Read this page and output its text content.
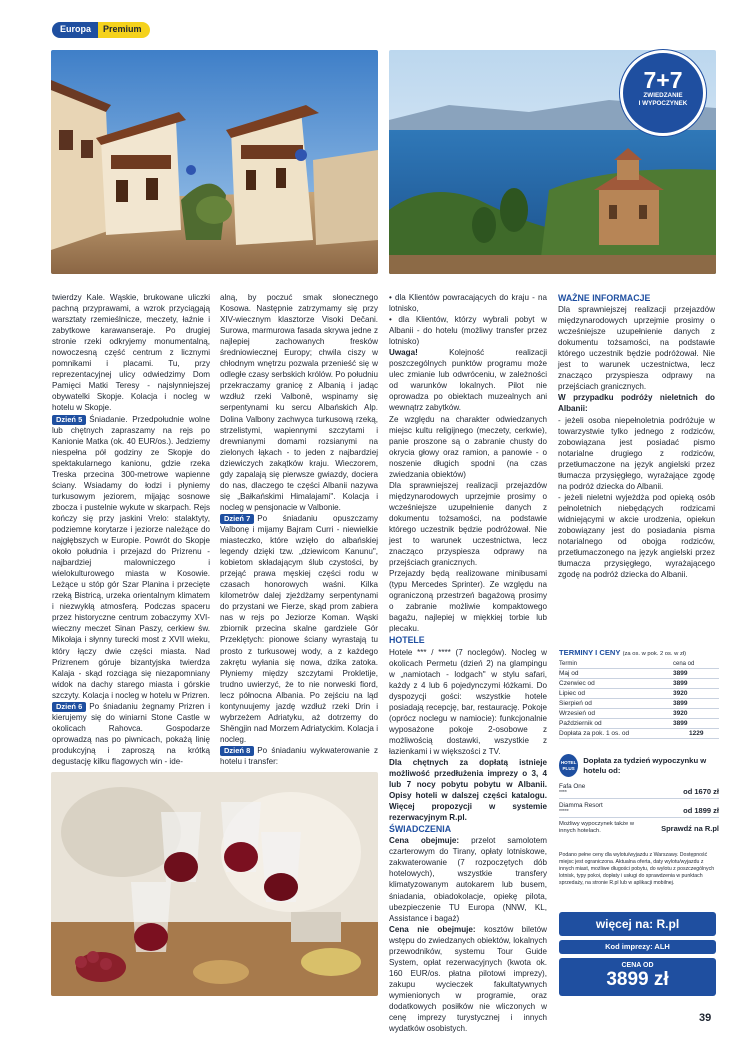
Europa	Premium
7+7
ZWIEDZANIE
I WYPOCZYNEK

twierdzy Kale. Wąskie, brukowane uliczki pachną przyprawami, a wzrok przyciągają warsztaty rzemieślnicze, meczety, łaźnie i zabytkowe karawanseraje. Po drugiej stronie rzeki odkryjemy monumentalną, nowoczesną część centrum z licznymi pomnikami i placami. Tu, przy reprezentacyjnej ulicy odwiedzimy Dom Pamięci Matki Teresy - najsłynniejszej obywatelki Skopje. Kolacja i nocleg w hotelu w Skopje.

Dzień 5 Śniadanie. Przedpołudnie wolne lub chętnych zapraszamy na rejs po Kanionie Matka (ok. 40 EUR/os.). Jedziemy niespełna pół godziny ze Skopje do spektakularnego kanionu, gdzie rzeka Treska przecina 300-metrowe wapienne ściany. Wsiadamy do łodzi i płyniemy turkusowym jeziorem, mijając sosnowe zbocza i pustelnie wykute w skarpach. Rejs kończy się przy jaskini Vrelo: stalaktyty, podziemne korytarze i jeziorze należące do najgłębszych w Europie. Powrót do Skopje około południa i przejazd do Prizrenu - najbardziej malowniczego i wielokulturowego miasta w Kosowie. Leżące u stóp gór Szar Planina i przecięte rzeką Bistricą, urzeka orientalnym klimatem i niezwykłą atmosferą. Podczas spaceru przez historyczne centrum zobaczymy XVI-wieczny meczet Sinan Paszy, cerkiew św. Mikołaja i słynny turecki most z XVII wieku, który łączy dwie części miasta. Nad Prizrenem góruje bizantyjska twierdza Kalaja - skąd rozciąga się niezapomniany widok na dachy starego miasta i górskie szczyty. Kolacja i nocleg w hotelu w Prizren.

Dzień 6 Po śniadaniu żegnamy Prizren i kierujemy się do winiarni Stone Castle w okolicach Rahovca. Gospodarze oprowadzą nas po piwnicach, pokażą linię produkcyjną i zaproszą na krótką degustację kilku flagowych win - ide-

alną, by poczuć smak słonecznego Kosowa. Następnie zatrzymamy się przy XIV-wiecznym klasztorze Visoki Dečani. Surowa, marmurowa fasada skrywa jedne z najlepiej zachowanych fresków średniowiecznej Europy; chwila ciszy w chłodnym wnętrzu pozwala przenieść się w odległe czasy serbskich królów. Po południu przekraczamy granicę z Albanią i jadąc wzdłuż rzeki Valbonë, wspinamy się serpentynami ku sercu Albańskich Alp. Dolina Valbony zachwyca turkusową rzeką, strzelistymi, wapiennymi szczytami i drewnianymi domami rozsianymi na zielonych łąkach - to jeden z najbardziej dziewiczych zakątków kraju. Wieczorem, gdy zapalają się pierwsze gwiazdy, dociera do nas, dlaczego te części Albanii nazywa się „Bałkańskimi Himalajami". Kolacja i nocleg w pensjonacie w Valbonie.

Dzień 7 Po śniadaniu opuszczamy Valbonę i mijamy Bajram Curri - niewielkie miasteczko, które wzięło do albańskiej legendy dzięki tzw. „dziewicom Kanunu", kobietom składającym ślub czystości, by przejąć prawa męskiej części rodu w czasach honorowych waśni. Kilka kilometrów dalej zjeżdżamy serpentynami do przystani we Fierze, skąd prom zabiera nas w rejs po Jeziorze Koman. Wąski zbiornik przecina skalne gardziele Gór Przeklętych: pionowe ściany wyrastają tu prosto z turkusowej wody, a z każdego zakrętu wyłania się nowa, dzika zatoka. Płyniemy między szczytami Prokletije, trudno uwierzyć, że to nie norweski fiord, lecz północna Albania. Po zejściu na ląd kontynuujemy jazdę wzdłuż rzeki Drin i wybrzeżem Adriatyku, aż dotrzemy do Shëngjin nad Morzem Adriatyckim. Kolacja i nocleg.

Dzień 8 Po śniadaniu wykwaterowanie z hotelu i transfer:

• dla Klientów powracających do kraju - na lotnisko,

• dla Klientów, którzy wybrali pobyt w Albanii - do hotelu (możliwy transfer przez lotnisko)

Uwaga!	Kolejność realizacji poszczególnych punktów programu może ulec zmianie lub odwróceniu, w zależności od warunków lokalnych. Pilot nie oprowadza po obiektach muzealnych ani wewnątrz zabytków.

Ze względu na charakter odwiedzanych miejsc kultu religijnego (meczety, cerkwie), panie proszone są o zabranie chusty do okrycia głowy oraz ramion, a panowie - o noszenie długich spodni (na czas zwiedzania obiektów)

Dla sprawniejszej realizacji przejazdów międzynarodowych uprzejmie prosimy o wcześniejsze uzupełnienie danych z dokumentu tożsamości, na podstawie którego uczestnik będzie podróżował. Nie jest to warunek uczestnictwa, lecz znacząco przyspiesza odprawy na przejściach granicznych.

Przejazdy będą realizowane minibusami (typu Mercedes Sprinter). Ze względu na ograniczoną przestrzeń bagażową prosimy o zabranie możliwie kompaktowego bagażu, najlepiej w miękkiej torbie lub plecaku.

HOTELE

Hotele *** / **** (7 noclegów). Nocleg w okolicach Permetu (dzień 2) na glampingu w „namiotach - lodgach" w stylu safari, każdy z 4 lub 6 pojedynczymi łóżkami. Do dyspozycji gości: wszystkie hotele posiadają recepcję, bar, restaurację. Pokoje (oprócz noclegu w namiocie): funkcjonalnie wyposażone pokoje 2-osobowe z możliwością dostawki, wszystkie z łazienkami i w większości z TV.

Dla chętnych za dopłatą istnieje możliwość przedłużenia imprezy o 3, 4 lub 7 nocy pobytu pobytu w Albanii. Opisy hoteli w dalszej części katalogu. Więcej propozycji w systemie rezerwacyjnym R.pl.

ŚWIADCZENIA

Cena obejmuje: przelot samolotem czarterowym do Tirany, opłaty lotniskowe, zakwaterowanie (7 rozpoczętych dób hotelowych), wszystkie transfery klimatyzowanym autokarem lub busem, śniadania, obiadokolacje, opiekę pilota, ubezpieczenie TU Europa (NNW, KL, Assistance i bagaż)

Cena nie obejmuje: kosztów biletów wstępu do zwiedzanych obiektów, lokalnych przewodników, systemu Tour Guide System, opłat rezerwacyjnych (kwota ok. 160 EUR/os. płatna pilotowi imprezy), zakupu wycieczek fakultatywnych wymienionych w programie, oraz dodatkowych posiłków nie wliczonych w cenę imprezy turystycznej i innych wydatków osobistych.

WAŻNE INFORMACJE

Dla sprawniejszej realizacji przejazdów międzynarodowych uprzejmie prosimy o wcześniejsze uzupełnienie danych z dokumentu tożsamości, na podstawie którego uczestnik będzie podróżował. Nie jest to warunek uczestnictwa, lecz znacząco przyspiesza odprawy na przejściach granicznych.

W przypadku podróży nieletnich do Albanii:

- jeżeli osoba niepełnoletnia podróżuje w towarzystwie tylko jednego z rodziców, zobowiązana jest posiadać pismo notarialne drugiego z rodziców, przetłumaczone na język angielski przez tłumacza przysięgłego, wyrażające zgodę na podróż dziecka do Albanii.

- jeżeli nieletni wyjeżdża pod opieką osób pełnoletnich niebędących rodzicami widniejącymi w akcie urodzenia, opiekun zobowiązany jest do posiadania pisma notarialnego od obojga rodziców, przetłumaczonego na język angielski przez tłumacza przysięgłego, wyrażającego zgodę na podróż dziecka do Albanii.

TERMINY I CENY (za os. w pok. 2 os. w zł)
Termin	cena od
Maj od	3899
Czerwiec od	3899
Lipiec od	3920
Sierpień od	3899
Wrzesień od	3920
Październik od	3899
Dopłata za pok. 1 os. od	1229
HOTEL PLUS
Dopłata za tydzień wypoczynku w hotelu od:
Fafa One
****	od 1670 zł
Diamma Resort
*****	od 1899 zł
Możliwy wypoczynek także w innych hotelach.	Sprawdź na R.pl
Podano pełne ceny dla wylotu/wyjazdu z Warszawy. Dostępność miejsc jest ograniczona. Aktualna oferta, daty wylotu/wyjazdu z innych miast, możliwe długości pobytu, do wylotu z poszczególnych lotnisk, typy pokoi, dopłaty i usługi do sprawdzenia w punktach sprzedaży, na stronie R.pl lub w aplikacji mobilnej.
więcej na: R.pl
Kod imprezy: ALH
CENA OD
3899 zł
39
